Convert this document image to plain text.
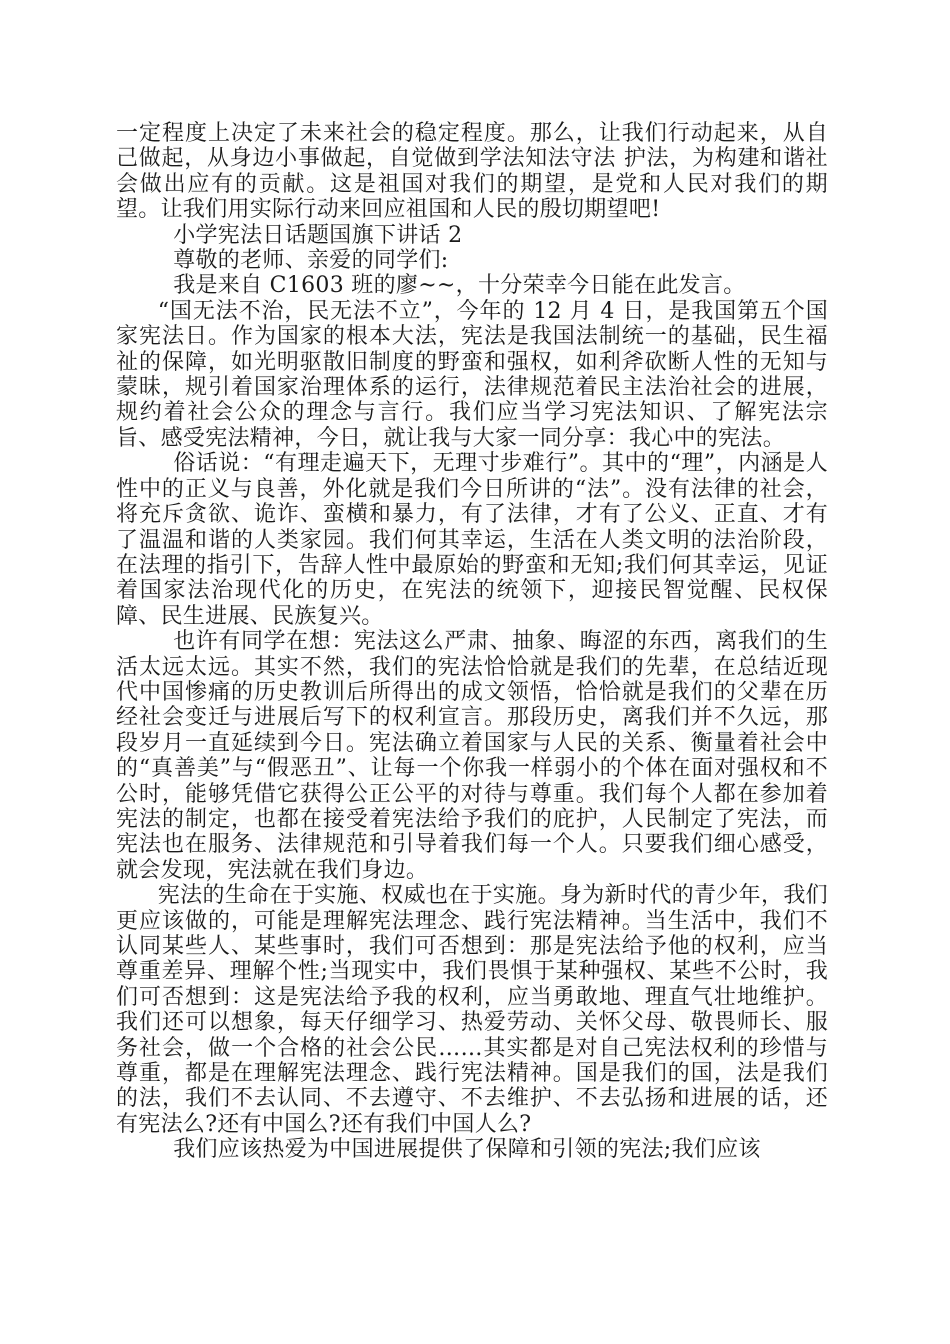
一定程度上决定了未来社会的稳定程度。那么，让我们行动起来，从自己做起，从身边小事做起，自觉做到学法知法守法 护法，为构建和谐社会做出应有的贡献。这是祖国对我们的期望，是党和人民对我们的期望。让我们用实际行动来回应祖国和人民的殷切期望吧!

小学宪法日话题国旗下讲话 2

尊敬的老师、亲爱的同学们:

我是来自 C1603 班的廖~~，十分荣幸今日能在此发言。

“国无法不治，民无法不立”，今年的 12 月 4 日，是我国第五个国家宪法日。作为国家的根本大法，宪法是我国法制统一的基础，民生福祉的保障，如光明驱散旧制度的野蛮和强权，如利斧砍断人性的无知与蒙昧，规引着国家治理体系的运行，法律规范着民主法治社会的进展，规约着社会公众的理念与言行。我们应当学习宪法知识、了解宪法宗旨、感受宪法精神，今日，就让我与大家一同分享：我心中的宪法。

俗话说：“有理走遍天下，无理寸步难行”。其中的“理”，内涵是人性中的正义与良善，外化就是我们今日所讲的“法”。没有法律的社会，将充斥贪欲、诡诈、蛮横和暴力，有了法律，才有了公义、正直、才有了温温和谐的人类家园。我们何其幸运，生活在人类文明的法治阶段，在法理的指引下，告辞人性中最原始的野蛮和无知;我们何其幸运，见证着国家法治现代化的历史，在宪法的统领下，迎接民智觉醒、民权保障、民生进展、民族复兴。

也许有同学在想：宪法这么严肃、抽象、晦涩的东西，离我们的生活太远太远。其实不然，我们的宪法恰恰就是我们的先辈，在总结近现代中国惨痛的历史教训后所得出的成文领悟，恰恰就是我们的父辈在历经社会变迁与进展后写下的权利宣言。那段历史，离我们并不久远，那段岁月一直延续到今日。宪法确立着国家与人民的关系、衡量着社会中的“真善美”与“假恶丑”、让每一个你我一样弱小的个体在面对强权和不公时，能够凭借它获得公正公平的对待与尊重。我们每个人都在参加着宪法的制定，也都在接受着宪法给予我们的庇护，人民制定了宪法，而宪法也在服务、法律规范和引导着我们每一个人。只要我们细心感受，就会发现，宪法就在我们身边。

宪法的生命在于实施、权威也在于实施。身为新时代的青少年，我们更应该做的，可能是理解宪法理念、践行宪法精神。当生活中，我们不认同某些人、某些事时，我们可否想到：那是宪法给予他的权利，应当尊重差异、理解个性;当现实中，我们畏惧于某种强权、某些不公时，我们可否想到：这是宪法给予我的权利，应当勇敢地、理直气壮地维护。我们还可以想象，每天仔细学习、热爱劳动、关怀父母、敬畏师长、服务社会，做一个合格的社会公民……其实都是对自己宪法权利的珍惜与尊重，都是在理解宪法理念、践行宪法精神。国是我们的国，法是我们的法，我们不去认同、不去遵守、不去维护、不去弘扬和进展的话，还有宪法么?还有中国么?还有我们中国人么?

我们应该热爱为中国进展提供了保障和引领的宪法;我们应该
